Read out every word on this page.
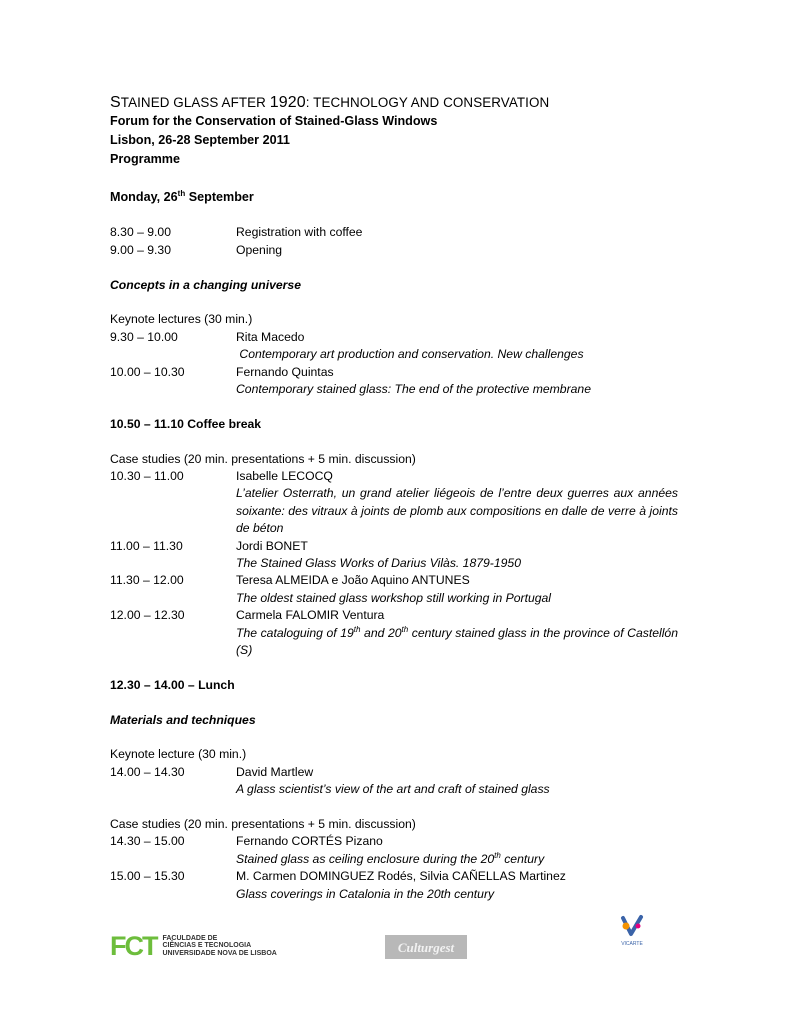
STAINED GLASS AFTER 1920: TECHNOLOGY AND CONSERVATION
Forum for the Conservation of Stained-Glass Windows
Lisbon, 26-28 September 2011
Programme
Monday, 26th September
8.30 – 9.00	Registration with coffee
9.00 – 9.30	Opening
Concepts in a changing universe
Keynote lectures (30 min.)
9.30 – 10.00	Rita Macedo
Contemporary art production and conservation. New challenges
10.00 – 10.30	Fernando Quintas
Contemporary stained glass: The end of the protective membrane
10.50 – 11.10 Coffee break
Case studies (20 min. presentations + 5 min. discussion)
10.30 – 11.00	Isabelle LECOCQ
L’atelier Osterrath, un grand atelier liégeois de l’entre deux guerres aux années soixante: des vitraux à joints de plomb aux compositions en dalle de verre à joints de béton
11.00 – 11.30	Jordi BONET
The Stained Glass Works of Darius Vilàs. 1879-1950
11.30 – 12.00	Teresa ALMEIDA e João Aquino ANTUNES
The oldest stained glass workshop still working in Portugal
12.00 – 12.30	Carmela FALOMIR Ventura
The cataloguing of 19th and 20th century stained glass in the province of Castellón (S)
12.30 – 14.00 – Lunch
Materials and techniques
Keynote lecture (30 min.)
14.00 – 14.30	David Martlew
A glass scientist’s view of the art and craft of stained glass
Case studies (20 min. presentations + 5 min. discussion)
14.30 – 15.00	Fernando CORTÉS Pizano
Stained glass as ceiling enclosure during the 20th century
15.00 – 15.30	M. Carmen DOMINGUEZ Rodés, Silvia CAÑELLAS Martinez
Glass coverings in Catalonia in the 20th century
FCT FACULDADE DE
CIÊNCIAS E TECNOLOGIA
UNIVERSIDADE NOVA DE LISBOA	Culturgest	VICARTE
